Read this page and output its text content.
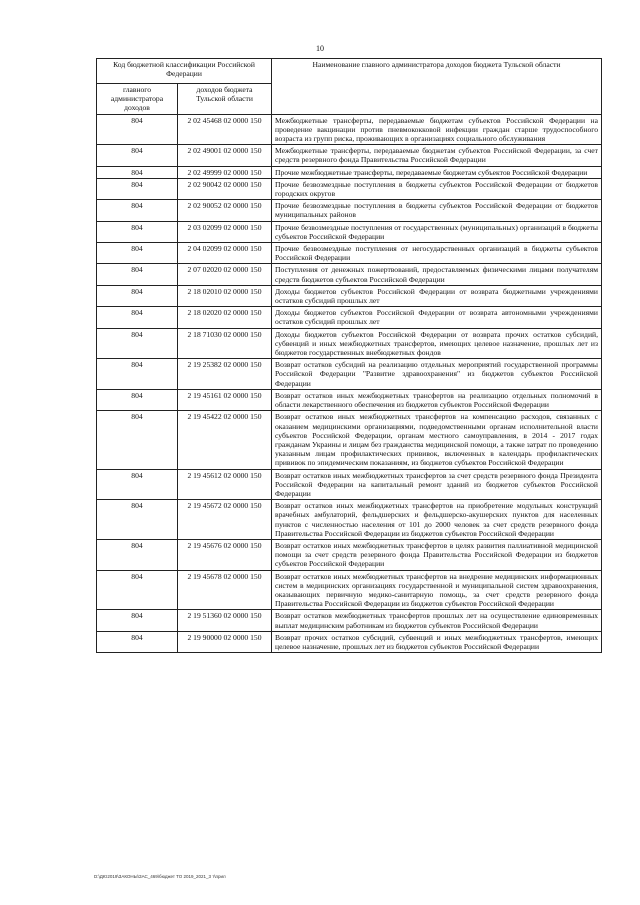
10
Код бюджетной классификации Российской Федерации		Наименование главного администратора доходов бюджета Тульской области
главного администратора доходов	доходов бюджета Тульской области	
804	2 02 45468 02 0000 150	Межбюджетные трансферты, передаваемые бюджетам субъектов Российской Федерации на проведение вакцинации против пневмококковой инфекции граждан старше трудоспособного возраста из групп риска, проживающих в организациях социального обслуживания
804	2 02 49001 02 0000 150	Межбюджетные трансферты, передаваемые бюджетам субъектов Российской Федерации, за счет средств резервного фонда Правительства Российской Федерации
804	2 02 49999 02 0000 150	Прочие межбюджетные трансферты, передаваемые бюджетам субъектов Российской Федерации
804	2 02 90042 02 0000 150	Прочие безвозмездные поступления в бюджеты субъектов Российской Федерации от бюджетов городских округов
804	2 02 90052 02 0000 150	Прочие безвозмездные поступления в бюджеты субъектов Российской Федерации от бюджетов муниципальных районов
804	2 03 02099 02 0000 150	Прочие безвозмездные поступления от государственных (муниципальных) организаций в бюджеты субъектов Российской Федерации
804	2 04 02099 02 0000 150	Прочие безвозмездные поступления от негосударственных организаций в бюджеты субъектов Российской Федерации
804	2 07 02020 02 0000 150	Поступления от денежных пожертвований, предоставляемых физическими лицами получателям средств бюджетов субъектов Российской Федерации
804	2 18 02010 02 0000 150	Доходы бюджетов субъектов Российской Федерации от возврата бюджетными учреждениями остатков субсидий прошлых лет
804	2 18 02020 02 0000 150	Доходы бюджетов субъектов Российской Федерации от возврата автономными учреждениями остатков субсидий прошлых лет
804	2 18 71030 02 0000 150	Доходы бюджетов субъектов Российской Федерации от возврата прочих остатков субсидий, субвенций и иных межбюджетных трансфертов, имеющих целевое назначение, прошлых лет из бюджетов государственных внебюджетных фондов
804	2 19 25382 02 0000 150	Возврат остатков субсидий на реализацию отдельных мероприятий государственной программы Российской Федерации "Развитие здравоохранения" из бюджетов субъектов Российской Федерации
804	2 19 45161 02 0000 150	Возврат остатков иных межбюджетных трансфертов на реализацию отдельных полномочий в области лекарственного обеспечения из бюджетов субъектов Российской Федерации
804	2 19 45422 02 0000 150	Возврат остатков иных межбюджетных трансфертов на компенсацию расходов, связанных с оказанием медицинскими организациями, подведомственными органам исполнительной власти субъектов Российской Федерации, органам местного самоуправления, в 2014 - 2017 годах гражданам Украины и лицам без гражданства медицинской помощи, а также затрат по проведению указанным лицам профилактических прививок, включенных в календарь профилактических прививок по эпидемическим показаниям, из бюджетов субъектов Российской Федерации
804	2 19 45612 02 0000 150	Возврат остатков иных межбюджетных трансфертов за счет средств резервного фонда Президента Российской Федерации на капитальный ремонт зданий из бюджетов субъектов Российской Федерации
804	2 19 45672 02 0000 150	Возврат остатков иных межбюджетных трансфертов на приобретение модульных конструкций врачебных амбулаторий, фельдшерских и фельдшерско-акушерских пунктов для населенных пунктов с численностью населения от 101 до 2000 человек за счет средств резервного фонда Правительства Российской Федерации из бюджетов субъектов Российской Федерации
804	2 19 45676 02 0000 150	Возврат остатков иных межбюджетных трансфертов в целях развития паллиативной медицинской помощи за счет средств резервного фонда Правительства Российской Федерации из бюджетов субъектов Российской Федерации
804	2 19 45678 02 0000 150	Возврат остатков иных межбюджетных трансфертов на внедрение медицинских информационных систем в медицинских организациях государственной и муниципальной систем здравоохранения, оказывающих первичную медико-санитарную помощь, за счет средств резервного фонда Правительства Российской Федерации из бюджетов субъектов Российской Федерации
804	2 19 51360 02 0000 150	Возврат остатков межбюджетных трансфертов прошлых лет на осуществление единовременных выплат медицинским работникам из бюджетов субъектов Российской Федерации
804	2 19 90000 02 0000 150	Возврат прочих остатков субсидий, субвенций и иных межбюджетных трансфертов, имеющих целевое назначение, прошлых лет из бюджетов субъектов Российской Федерации
D:\ДЮ2019\ЗАКОНЫ\ЗАС_469\бюджет ТО 2019_2021_3 т\прил
